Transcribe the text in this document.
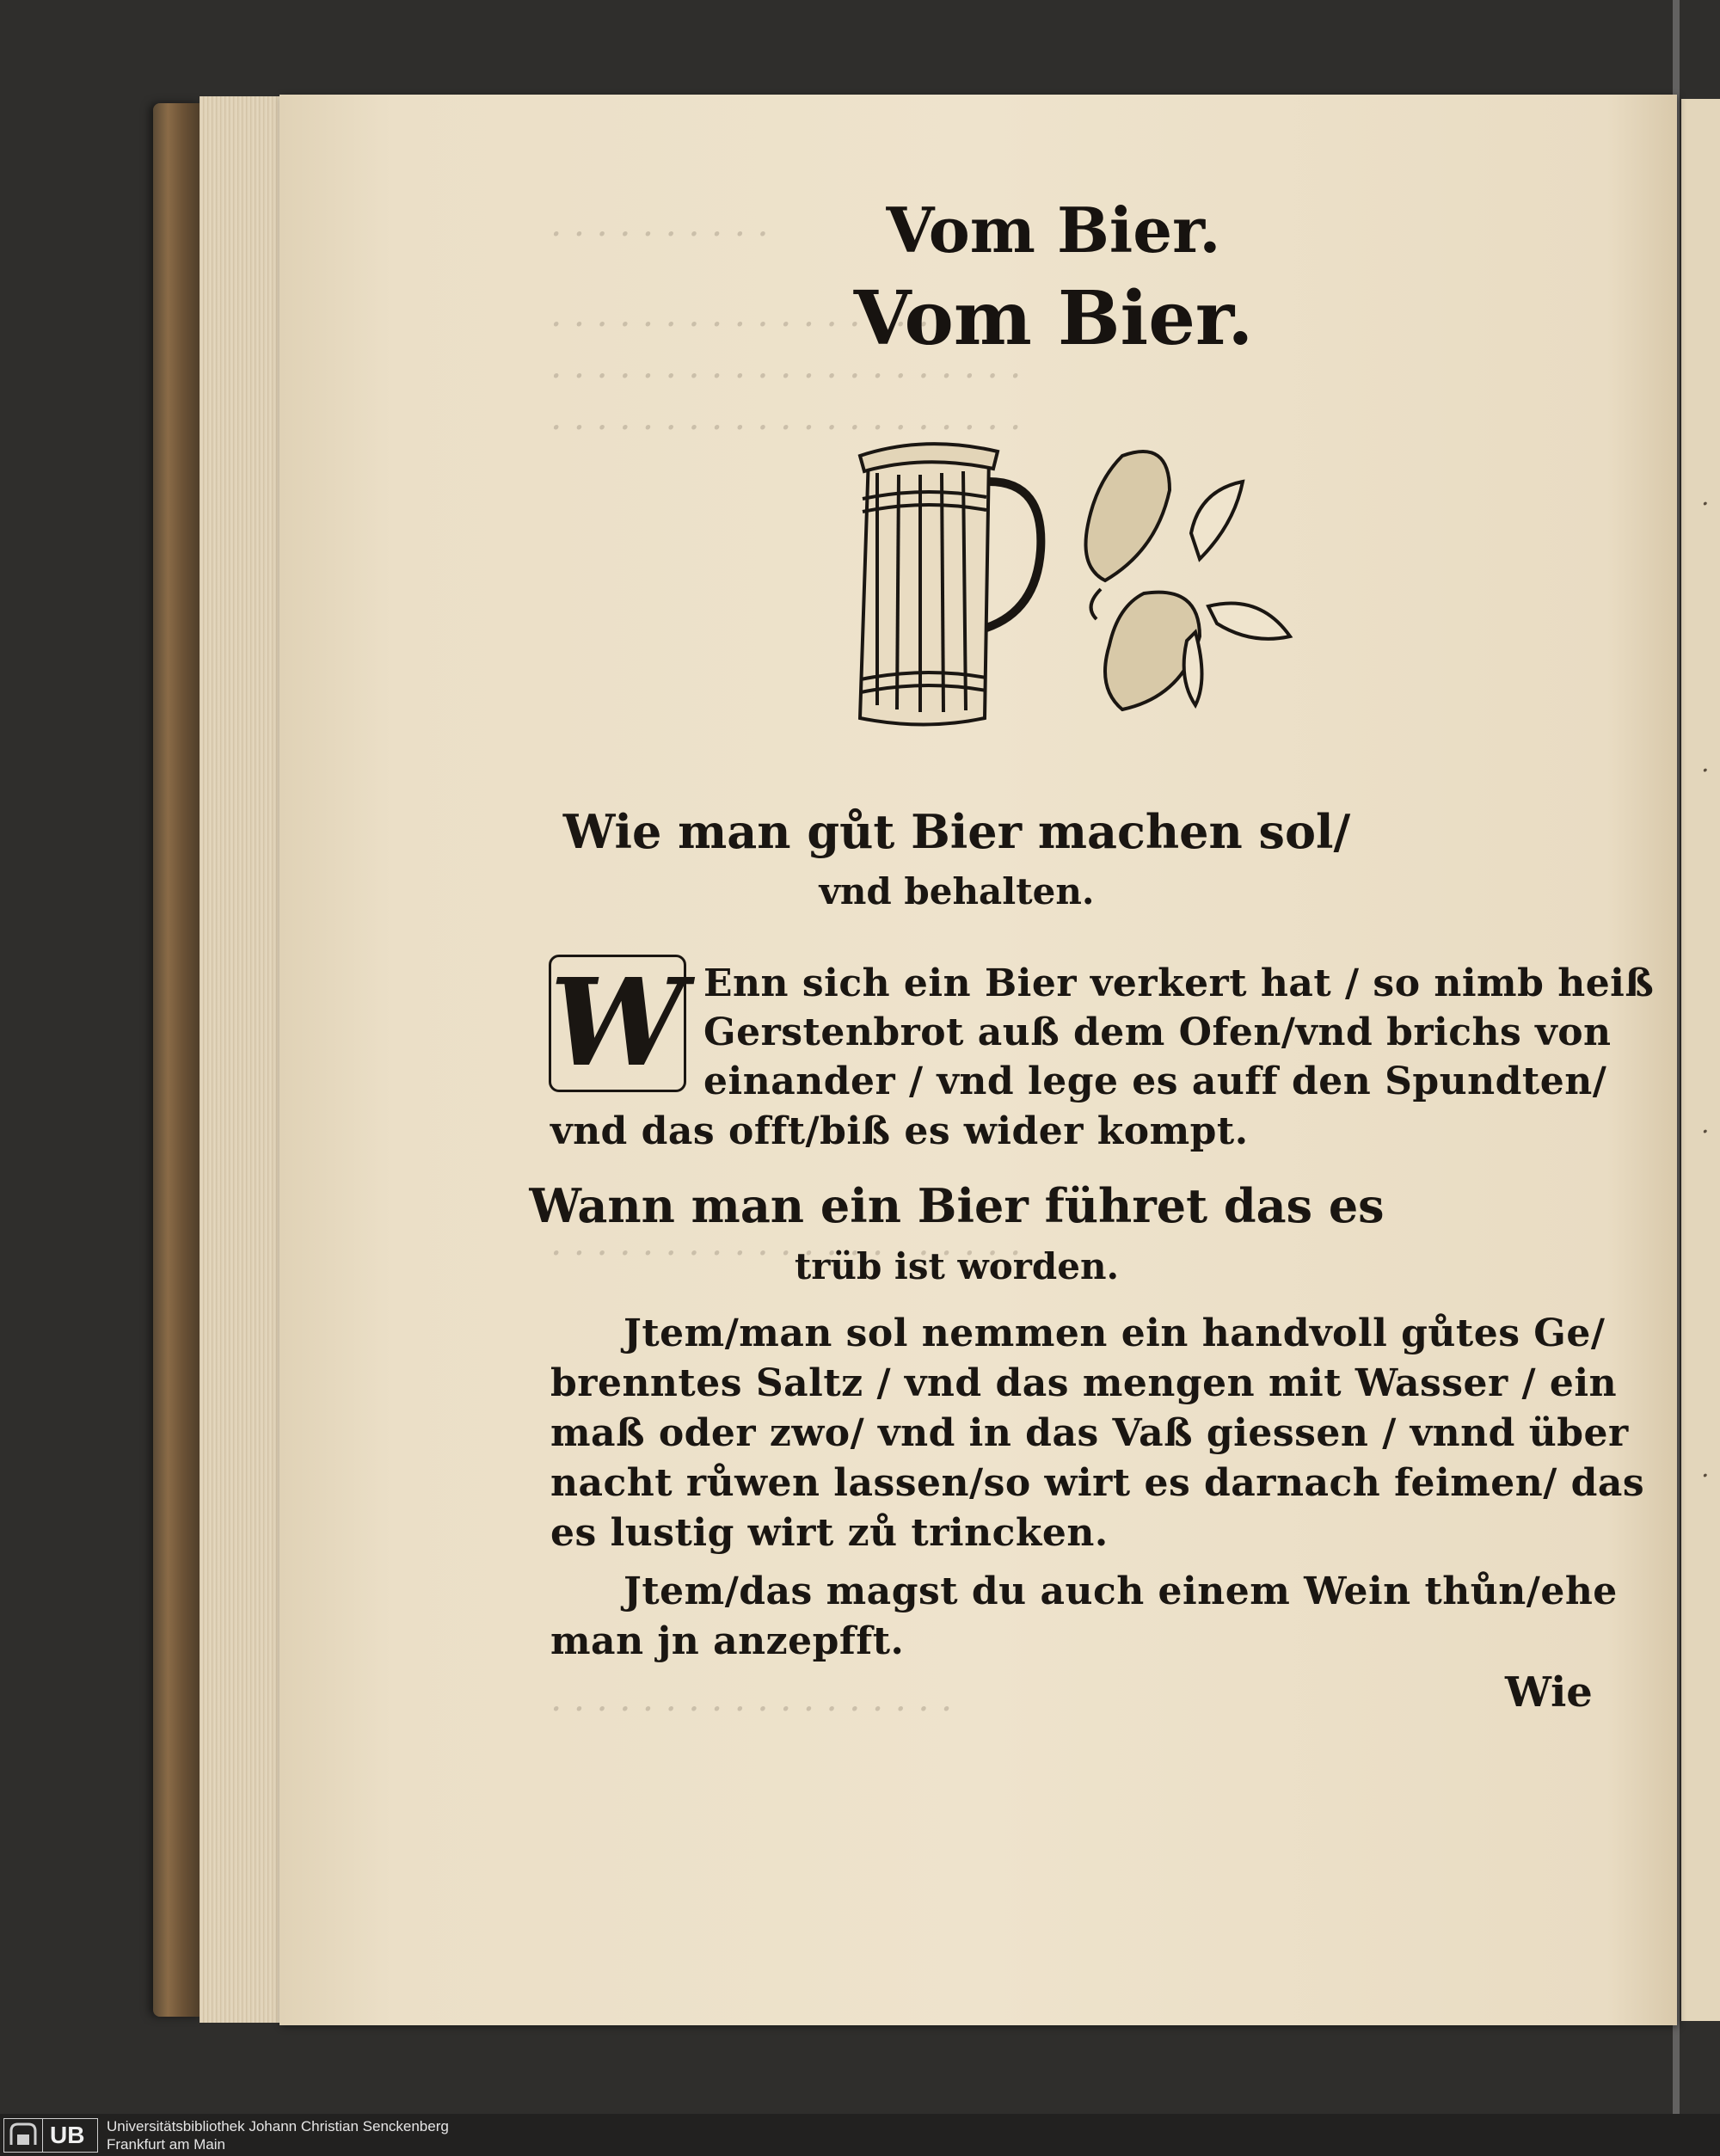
. . . . . . . . . .
. . . . . . . . . . . . . . . . . . .
. . . . . . . . . . . . . . . . . . . . .
. . . . . . . . . . . . . . . . . . . . .
. . . . . . . . . . . . . . . . . . . . .
. . . . . . . . . . . . . . . . . .
.
.
.
.
Vom Bier.
Vom Bier.
Wie man gůt Bier machen sol/
vnd behalten.
W Enn sich ein Bier verkert hat / so nimb heiß
Gerstenbrot auß dem Ofen/vnd brichs von
einander / vnd lege es auff den Spundten/
vnd das offt/biß es wider kompt.
Wann man ein Bier führet das es
trüb ist worden.
Jtem/man sol nemmen ein handvoll gůtes Ge/
brenntes Saltz / vnd das mengen mit Wasser / ein
maß oder zwo/ vnd in das Vaß giessen / vnnd über
nacht růwen lassen/so wirt es darnach feimen/ das
es lustig wirt zů trincken.
Jtem/das magst du auch einem Wein thůn/ehe
man jn anzepfft.
Wie
UB Universitätsbibliothek Johann Christian Senckenberg
Frankfurt am Main
